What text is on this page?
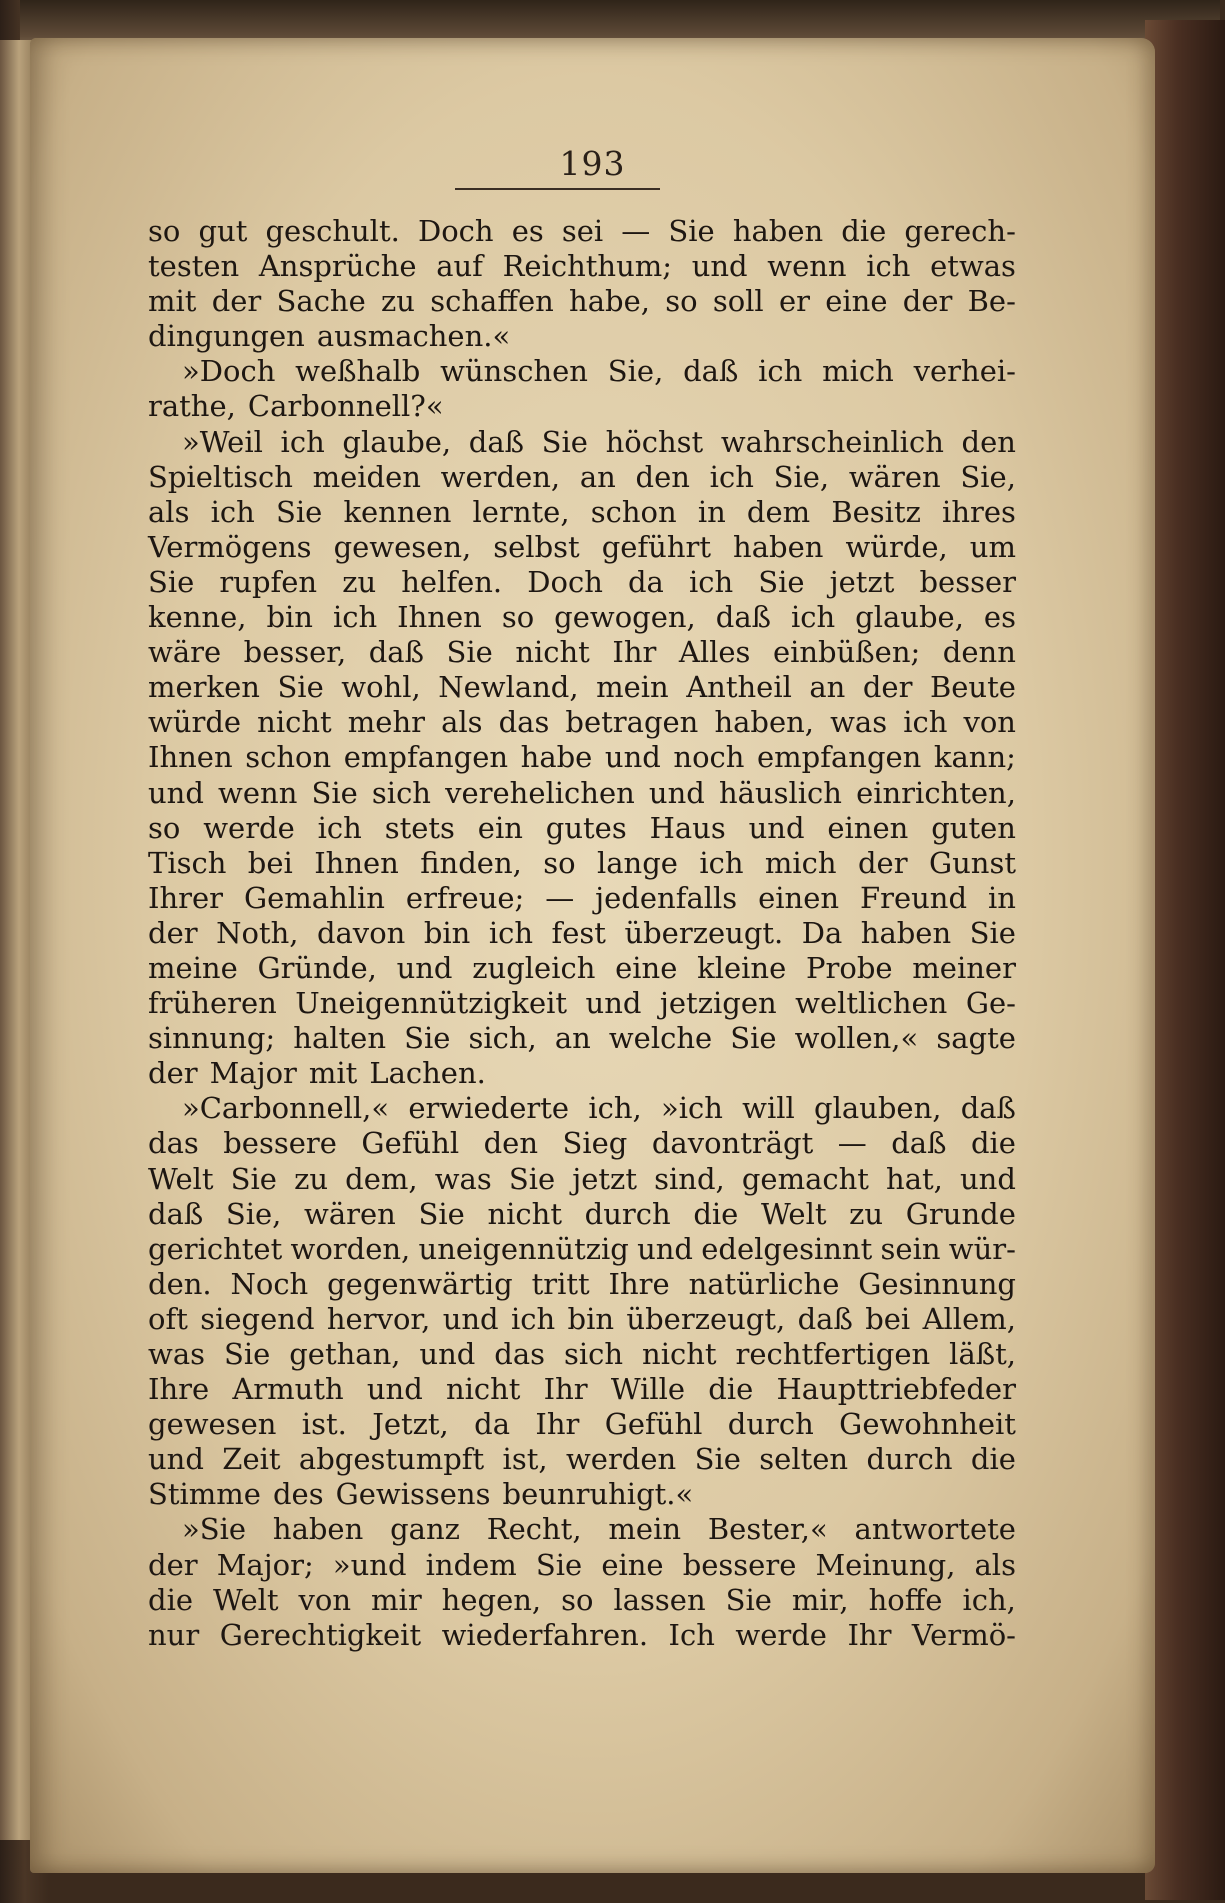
193
so gut geschult. Doch es sei — Sie haben die gerech-
testen Ansprüche auf Reichthum; und wenn ich etwas
mit der Sache zu schaffen habe, so soll er eine der Be-
dingungen ausmachen.«
»Doch weßhalb wünschen Sie, daß ich mich verhei-
rathe, Carbonnell?«
»Weil ich glaube, daß Sie höchst wahrscheinlich den
Spieltisch meiden werden, an den ich Sie, wären Sie,
als ich Sie kennen lernte, schon in dem Besitz ihres
Vermögens gewesen, selbst geführt haben würde, um
Sie rupfen zu helfen. Doch da ich Sie jetzt besser
kenne, bin ich Ihnen so gewogen, daß ich glaube, es
wäre besser, daß Sie nicht Ihr Alles einbüßen; denn
merken Sie wohl, Newland, mein Antheil an der Beute
würde nicht mehr als das betragen haben, was ich von
Ihnen schon empfangen habe und noch empfangen kann;
und wenn Sie sich verehelichen und häuslich einrichten,
so werde ich stets ein gutes Haus und einen guten
Tisch bei Ihnen finden, so lange ich mich der Gunst
Ihrer Gemahlin erfreue; — jedenfalls einen Freund in
der Noth, davon bin ich fest überzeugt. Da haben Sie
meine Gründe, und zugleich eine kleine Probe meiner
früheren Uneigennützigkeit und jetzigen weltlichen Ge-
sinnung; halten Sie sich, an welche Sie wollen,« sagte
der Major mit Lachen.
»Carbonnell,« erwiederte ich, »ich will glauben, daß
das bessere Gefühl den Sieg davonträgt — daß die
Welt Sie zu dem, was Sie jetzt sind, gemacht hat, und
daß Sie, wären Sie nicht durch die Welt zu Grunde
gerichtet worden, uneigennützig und edelgesinnt sein wür-
den. Noch gegenwärtig tritt Ihre natürliche Gesinnung
oft siegend hervor, und ich bin überzeugt, daß bei Allem,
was Sie gethan, und das sich nicht rechtfertigen läßt,
Ihre Armuth und nicht Ihr Wille die Haupttriebfeder
gewesen ist. Jetzt, da Ihr Gefühl durch Gewohnheit
und Zeit abgestumpft ist, werden Sie selten durch die
Stimme des Gewissens beunruhigt.«
»Sie haben ganz Recht, mein Bester,« antwortete
der Major; »und indem Sie eine bessere Meinung, als
die Welt von mir hegen, so lassen Sie mir, hoffe ich,
nur Gerechtigkeit wiederfahren. Ich werde Ihr Vermö-
